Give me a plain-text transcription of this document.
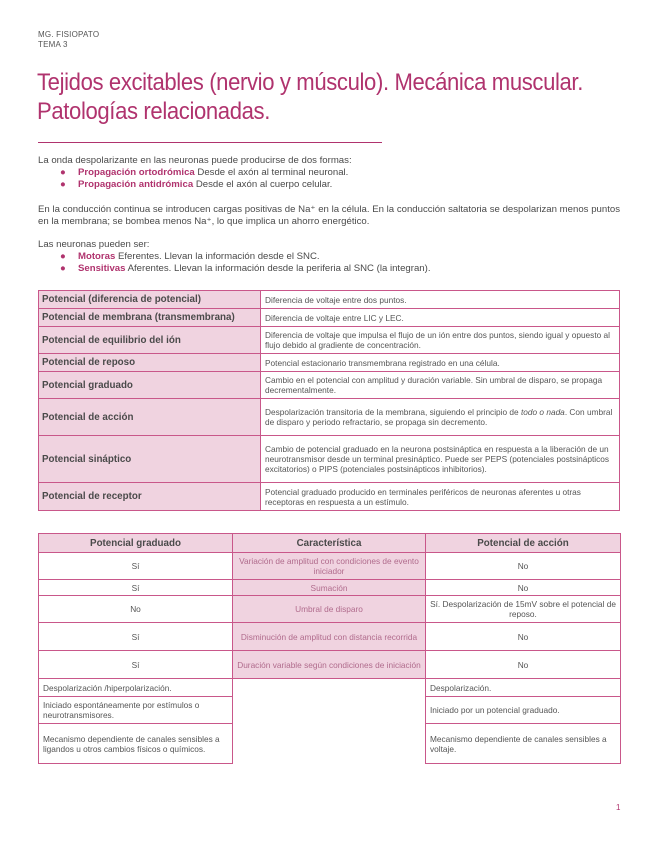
MG. FISIOPATO
TEMA 3
Tejidos excitables (nervio y músculo). Mecánica muscular.
Patologías relacionadas.
La onda despolarizante en las neuronas puede producirse de dos formas:
● Propagación ortodrómica Desde el axón al terminal neuronal.
● Propagación antidrómica Desde el axón al cuerpo celular.
En la conducción continua se introducen cargas positivas de Na⁺ en la célula. En la conducción saltatoria se despolarizan menos puntos en la membrana; se bombea menos Na⁺, lo que implica un ahorro energético.
Las neuronas pueden ser:
● Motoras Eferentes. Llevan la información desde el SNC.
● Sensitivas Aferentes. Llevan la información desde la periferia al SNC (la integran).
Potencial (diferencia de potencial)	Diferencia de voltaje entre dos puntos.
Potencial de membrana (transmembrana)	Diferencia de voltaje entre LIC y LEC.
Potencial de equilibrio del ión	Diferencia de voltaje que impulsa el flujo de un ión entre dos puntos, siendo igual y opuesto al flujo debido al gradiente de concentración.
Potencial de reposo	Potencial estacionario transmembrana registrado en una célula.
Potencial graduado	Cambio en el potencial con amplitud y duración variable. Sin umbral de disparo, se propaga decrementalmente.
Potencial de acción	Despolarización transitoria de la membrana, siguiendo el principio de todo o nada. Con umbral de disparo y periodo refractario, se propaga sin decremento.
Potencial sináptico	Cambio de potencial graduado en la neurona postsináptica en respuesta a la liberación de un neurotransmisor desde un terminal presináptico. Puede ser PEPS (potenciales postsinápticos excitatorios) o PIPS (potenciales postsinápticos inhibitorios).
Potencial de receptor	Potencial graduado producido en terminales periféricos de neuronas aferentes u otras receptoras en respuesta a un estímulo.
Potencial graduado	Característica	Potencial de acción
Sí	Variación de amplitud con condiciones de evento iniciador	No
Sí	Sumación	No
No	Umbral de disparo	Sí. Despolarización de 15mV sobre el potencial de reposo.
Sí	Disminución de amplitud con distancia recorrida	No
Sí	Duración variable según condiciones de iniciación	No
Despolarización /hiperpolarización.		Despolarización.
Iniciado espontáneamente por estímulos o neurotransmisores.		Iniciado por un potencial graduado.
Mecanismo dependiente de canales sensibles a ligandos u otros cambios físicos o químicos.		Mecanismo dependiente de canales sensibles a voltaje.
1
